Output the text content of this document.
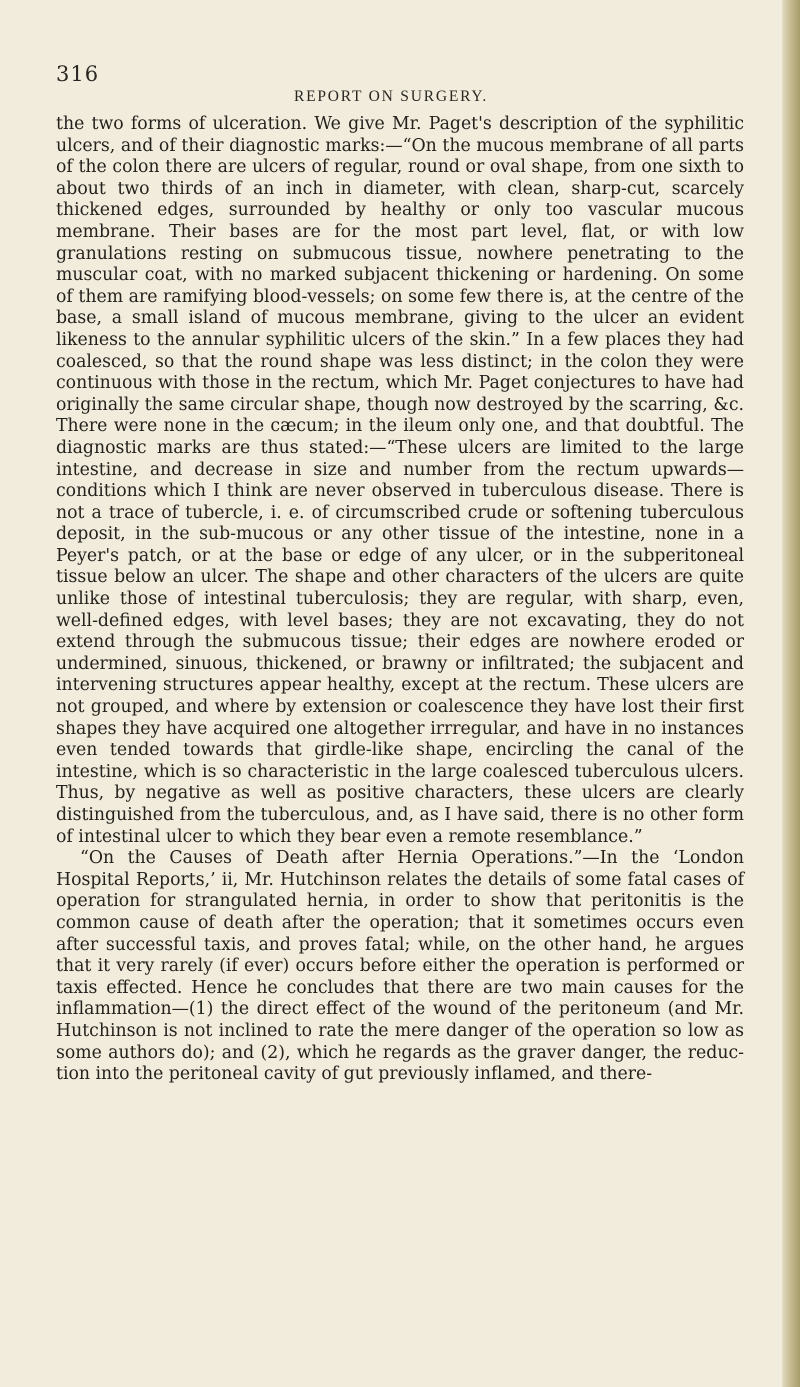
316
REPORT ON SURGERY.

the two forms of ulceration. We give Mr. Paget's description of the syphilitic ulcers, and of their diagnostic marks:—“On the mucous membrane of all parts of the colon there are ulcers of regular, round or oval shape, from one sixth to about two thirds of an inch in diameter, with clean, sharp-cut, scarcely thickened edges, surrounded by healthy or only too vascular mucous membrane. Their bases are for the most part level, flat, or with low granulations resting on submucous tissue, nowhere penetrating to the muscular coat, with no marked subjacent thickening or hardening. On some of them are ramifying blood-vessels; on some few there is, at the centre of the base, a small island of mucous membrane, giving to the ulcer an evident likeness to the annular syphilitic ulcers of the skin.” In a few places they had coalesced, so that the round shape was less distinct; in the colon they were continuous with those in the rectum, which Mr. Paget conjectures to have had originally the same circular shape, though now destroyed by the scarring, &c. There were none in the cæcum; in the ileum only one, and that doubtful. The diagnostic marks are thus stated:—“These ulcers are limited to the large intestine, and decrease in size and number from the rectum upwards—conditions which I think are never observed in tuberculous disease. There is not a trace of tubercle, i. e. of circumscribed crude or softening tuberculous deposit, in the sub-mucous or any other tissue of the intestine, none in a Peyer's patch, or at the base or edge of any ulcer, or in the subperitoneal tissue below an ulcer. The shape and other characters of the ulcers are quite unlike those of intestinal tuberculosis; they are regular, with sharp, even, well-defined edges, with level bases; they are not excavating, they do not extend through the submucous tissue; their edges are nowhere eroded or undermined, sinuous, thickened, or brawny or infiltrated; the subjacent and intervening structures appear healthy, except at the rectum. These ulcers are not grouped, and where by extension or coalescence they have lost their first shapes they have acquired one altogether irrregular, and have in no instances even tended towards that girdle-like shape, encircling the canal of the intestine, which is so characteristic in the large coalesced tuberculous ulcers. Thus, by negative as well as positive characters, these ulcers are clearly distinguished from the tuberculous, and, as I have said, there is no other form of intestinal ulcer to which they bear even a remote resemblance.”

“On the Causes of Death after Hernia Operations.”—In the ‘London Hospital Reports,’ ii, Mr. Hutchinson relates the details of some fatal cases of operation for strangulated hernia, in order to show that peritonitis is the common cause of death after the operation; that it sometimes occurs even after successful taxis, and proves fatal; while, on the other hand, he argues that it very rarely (if ever) occurs before either the operation is performed or taxis effected. Hence he concludes that there are two main causes for the inflammation—(1) the direct effect of the wound of the peritoneum (and Mr. Hutchinson is not inclined to rate the mere danger of the operation so low as some authors do); and (2), which he regards as the graver danger, the reduction into the peritoneal cavity of gut previously inflamed, and there-
